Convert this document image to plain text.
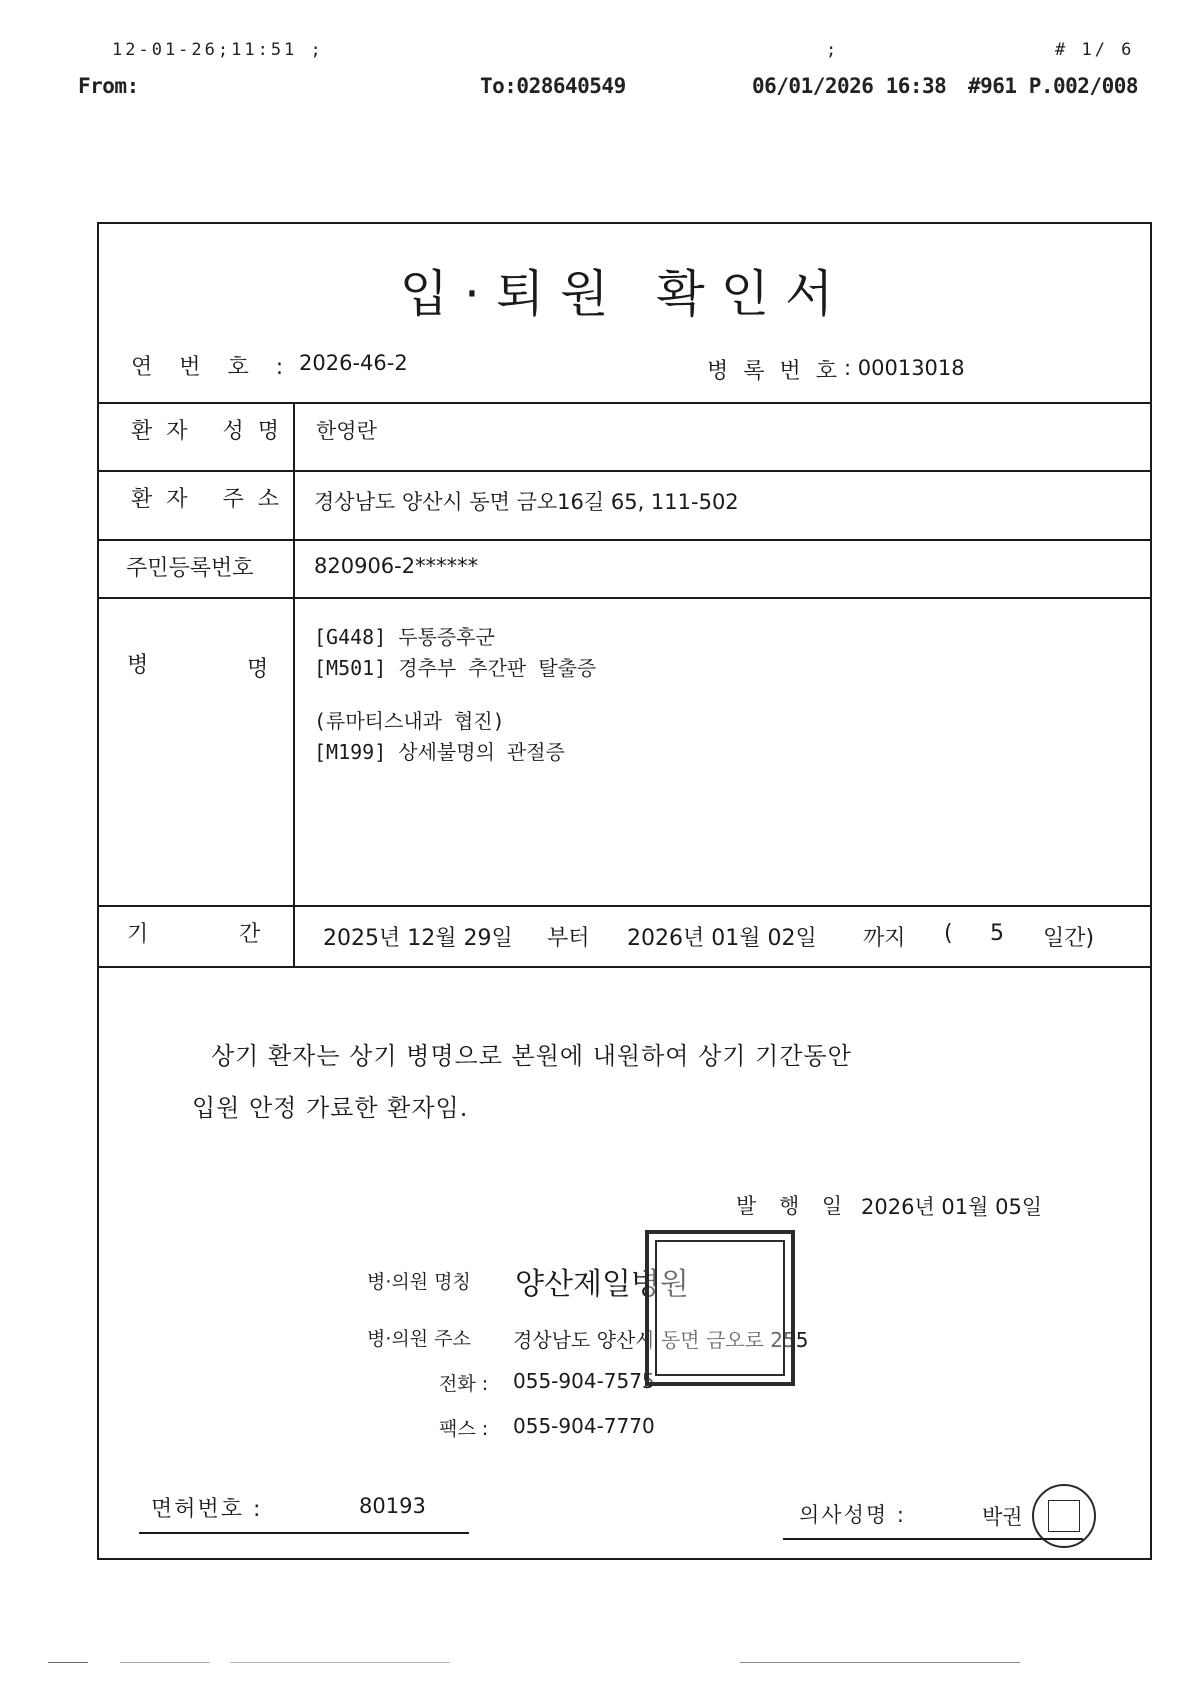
12-01-26;11:51 ;	;	# 1/ 6
From:	To:028640549	06/01/2026 16:38 #961 P.002/008
입·퇴원 확인서
연 번 호 : 2026-46-2	병 록 번 호 : 00013018
환자 성명 한영란
환자 주소 경상남도 양산시 동면 금오16길 65, 111-502
주민등록번호	820906-2******
병	명
[G448] 두통증후군
[M501] 경추부 추간판 탈출증
(류마티스내과 협진)
[M199] 상세불명의 관절증
기	간	2025년 12월 29일 부터 2026년 01월 02일 까지 ( 5 일간)
상기 환자는 상기 병명으로 본원에 내원하여 상기 기간동안
입원 안정 가료한 환자임.
발 행 일 2026년 01월 05일
병·의원 명칭 양산제일병원
병·의원 주소 경상남도 양산시 동면 금오로 255
전화 : 055-904-7575
팩스 : 055-904-7770
면허번호 :	80193	의사성명 :	박권
